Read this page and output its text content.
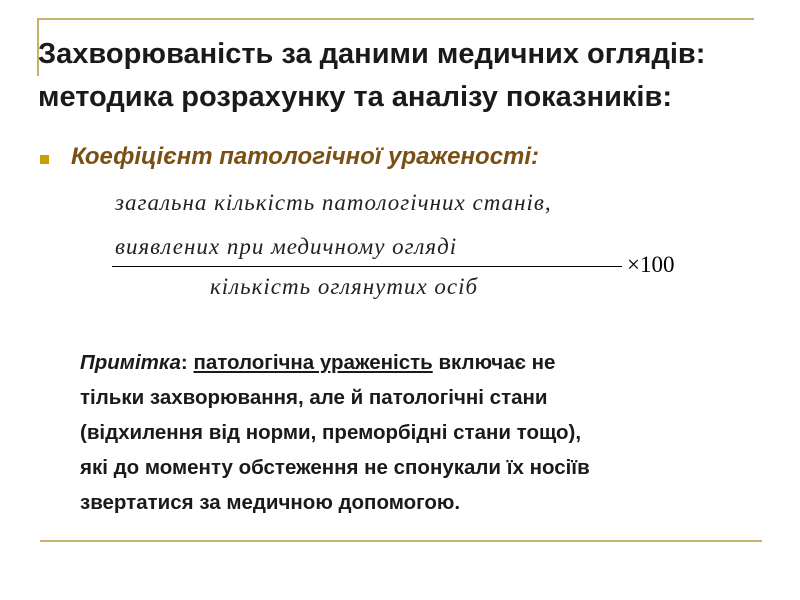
Захворюваність за даними медичних оглядів:
методика розрахунку та аналізу показників:
Коефіцієнт патологічної ураженості:
загальна кількість патологічних станів,
виявлених при медичному огляді
кількість оглянутих осіб
×100
Примітка: патологічна ураженість включає не
тільки захворювання, але й патологічні стани
(відхилення від норми, преморбідні стани тощо),
які до моменту обстеження не спонукали їх носіїв
звертатися за медичною допомогою.
